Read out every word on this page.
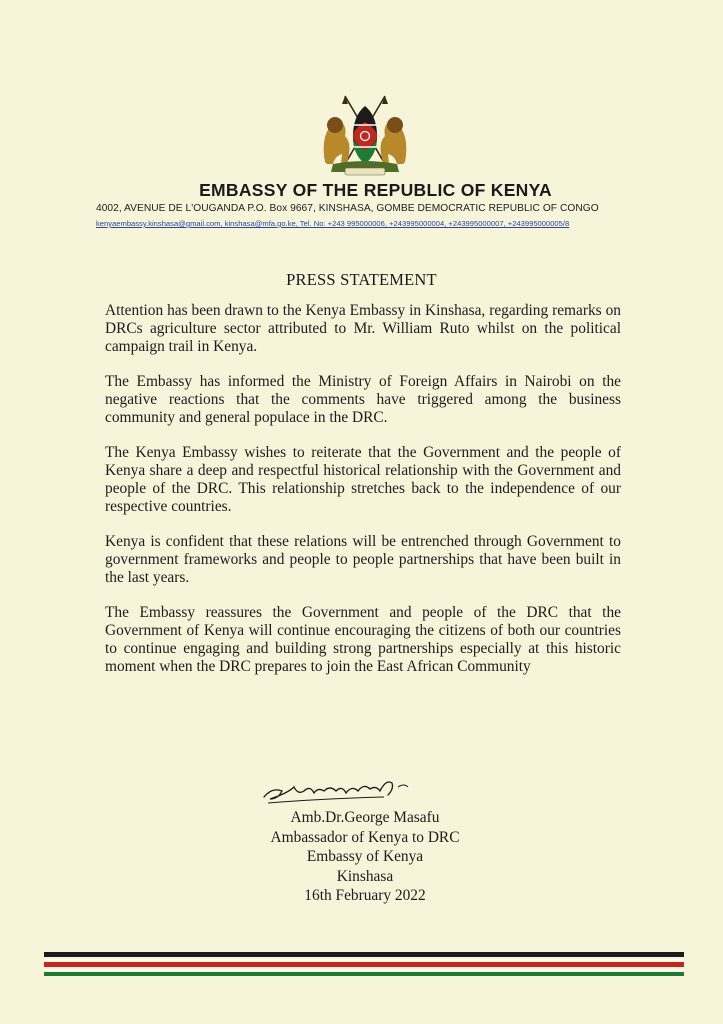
EMBASSY OF THE REPUBLIC OF KENYA
4002, AVENUE DE L'OUGANDA P.O. Box 9667, KINSHASA, GOMBE DEMOCRATIC REPUBLIC OF CONGO
kenyaembassy.kinshasa@gmail.com, kinshasa@mfa.go.ke, Tel. No: +243 995000006, +243995000004, +243995000007, +243995000005/8
PRESS STATEMENT

Attention has been drawn to the Kenya Embassy in Kinshasa, regarding remarks on DRCs agriculture sector attributed to Mr. William Ruto whilst on the political campaign trail in Kenya.

The Embassy has informed the Ministry of Foreign Affairs in Nairobi on the negative reactions that the comments have triggered among the business community and general populace in the DRC.

The Kenya Embassy wishes to reiterate that the Government and the people of Kenya share a deep and respectful historical relationship with the Government and people of the DRC. This relationship stretches back to the independence of our respective countries.

Kenya is confident that these relations will be entrenched through Government to government frameworks and people to people partnerships that have been built in the last years.

The Embassy reassures the Government and people of the DRC that the Government of Kenya will continue encouraging the citizens of both our countries to continue engaging and building strong partnerships especially at this historic moment when the DRC prepares to join the East African Community

Amb.Dr.George Masafu
Ambassador of Kenya to DRC
Embassy of Kenya
Kinshasa
16th February 2022
